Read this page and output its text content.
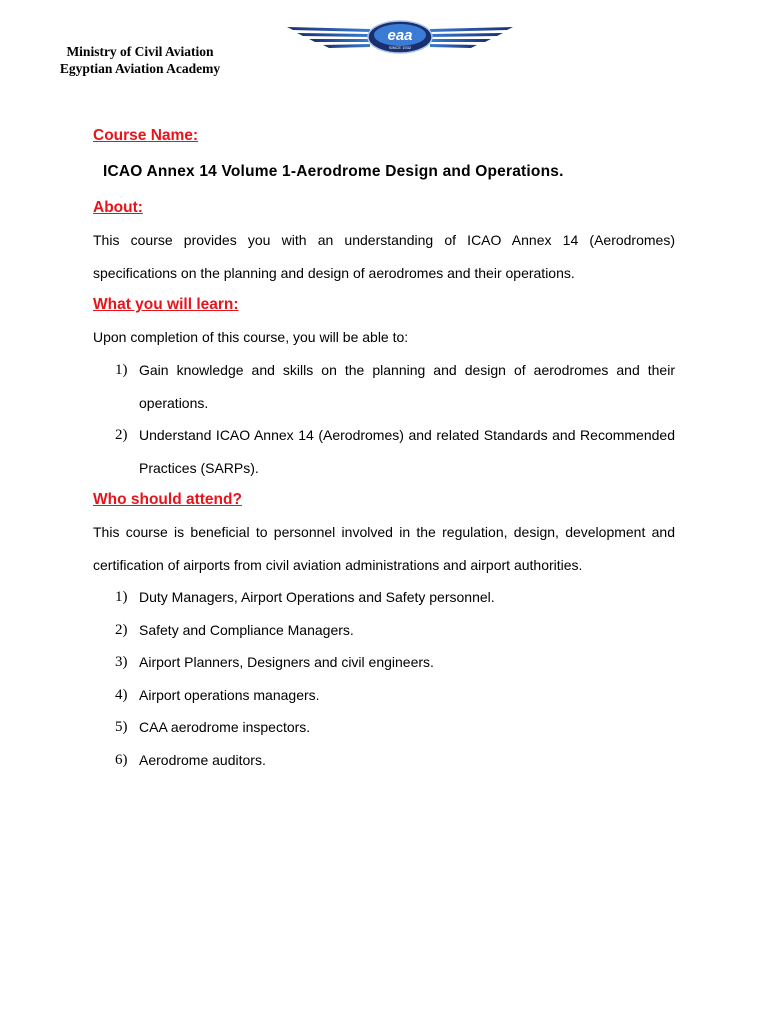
Ministry of Civil Aviation
Egyptian Aviation Academy
eaa
SINCE 1932
Course Name:
ICAO Annex 14 Volume 1-Aerodrome Design and Operations.
About:

This course provides you with an understanding of ICAO Annex 14 (Aerodromes) specifications on the planning and design of aerodromes and their operations.

What you will learn:

Upon completion of this course, you will be able to:

1) Gain knowledge and skills on the planning and design of aerodromes and their operations.
2) Understand ICAO Annex 14 (Aerodromes) and related Standards and Recommended Practices (SARPs).
Who should attend?

This course is beneficial to personnel involved in the regulation, design, development and certification of airports from civil aviation administrations and airport authorities.

1) Duty Managers, Airport Operations and Safety personnel.
2) Safety and Compliance Managers.
3) Airport Planners, Designers and civil engineers.
4) Airport operations managers.
5) CAA aerodrome inspectors.
6) Aerodrome auditors.
